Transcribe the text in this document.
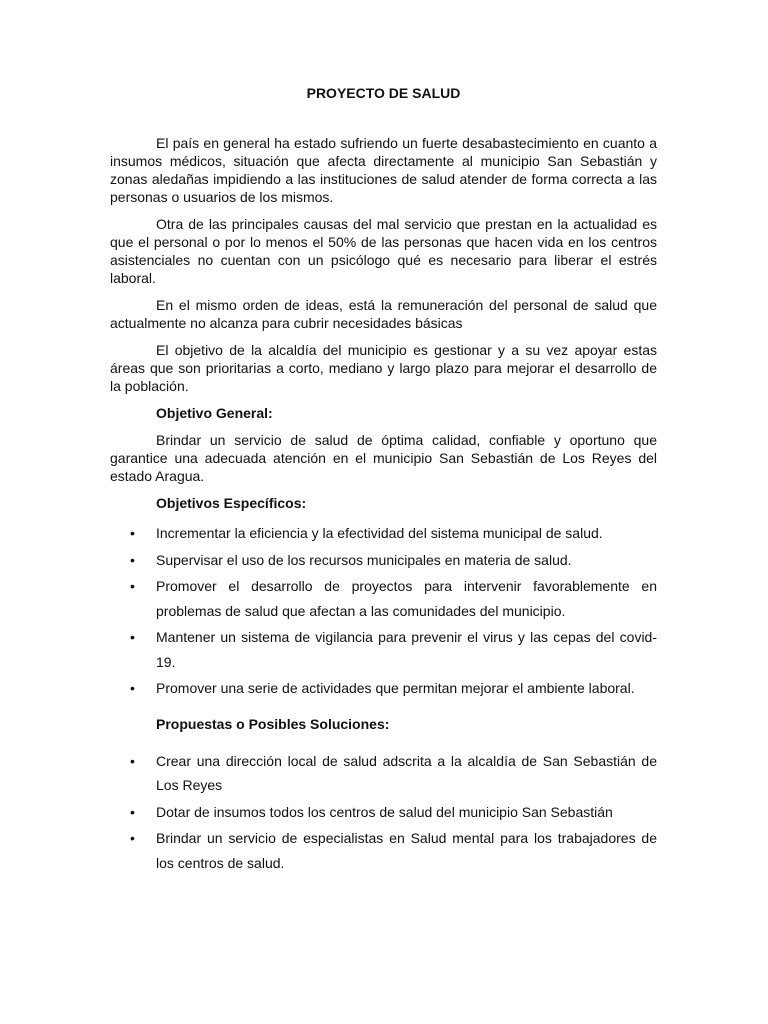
PROYECTO DE SALUD

El país en general ha estado sufriendo un fuerte desabastecimiento en cuanto a insumos médicos, situación que afecta directamente al municipio San Sebastián y zonas aledañas impidiendo a las instituciones de salud atender de forma correcta a las personas o usuarios de los mismos.

Otra de las principales causas del mal servicio que prestan en la actualidad es que el personal o por lo menos el 50% de las personas que hacen vida en los centros asistenciales no cuentan con un psicólogo qué es necesario para liberar el estrés laboral.

En el mismo orden de ideas, está la remuneración del personal de salud que actualmente no alcanza para cubrir necesidades básicas

El objetivo de la alcaldía del municipio es gestionar y a su vez apoyar estas áreas que son prioritarias a corto, mediano y largo plazo para mejorar el desarrollo de la población.

Objetivo General:

Brindar un servicio de salud de óptima calidad, confiable y oportuno que garantice una adecuada atención en el municipio San Sebastián de Los Reyes del estado Aragua.

Objetivos Específicos:
• Incrementar la eficiencia y la efectividad del sistema municipal de salud.
• Supervisar el uso de los recursos municipales en materia de salud.
• Promover el desarrollo de proyectos para intervenir favorablemente en problemas de salud que afectan a las comunidades del municipio.
• Mantener un sistema de vigilancia para prevenir el virus y las cepas del covid-19.
• Promover una serie de actividades que permitan mejorar el ambiente laboral.
Propuestas o Posibles Soluciones:
• Crear una dirección local de salud adscrita a la alcaldía de San Sebastián de Los Reyes
• Dotar de insumos todos los centros de salud del municipio San Sebastián
• Brindar un servicio de especialistas en Salud mental para los trabajadores de los centros de salud.
